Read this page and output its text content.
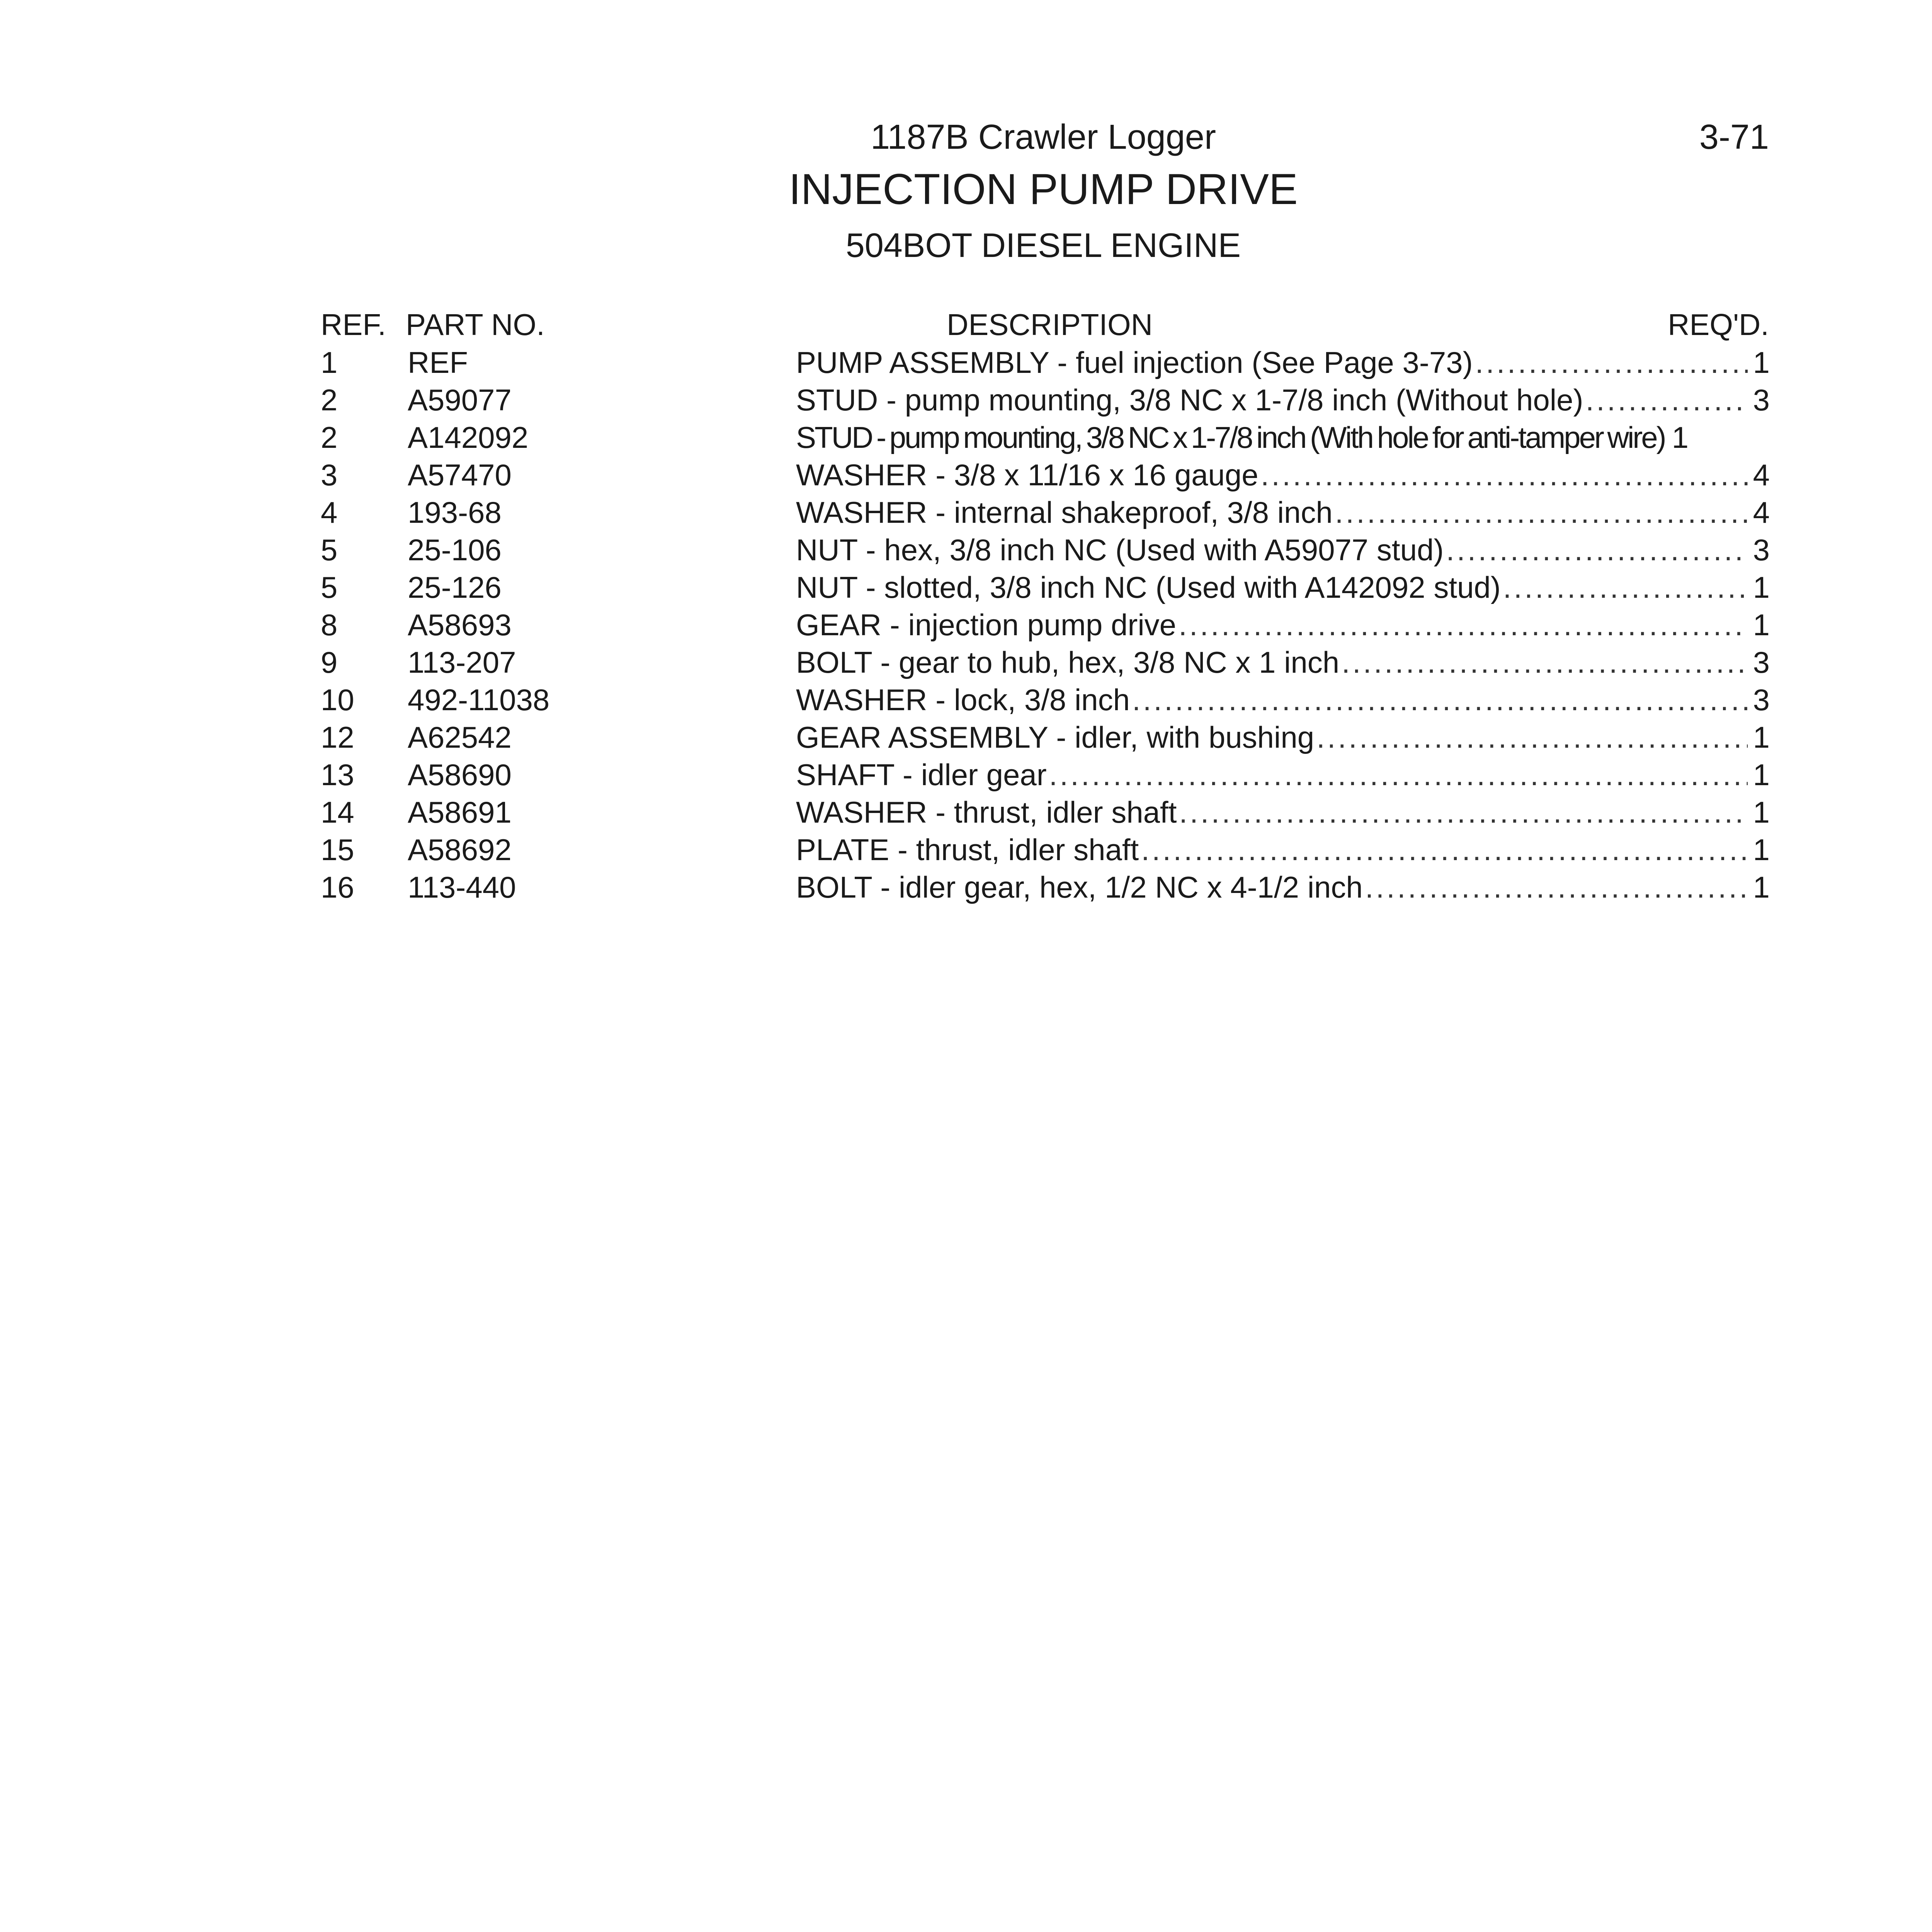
1187B Crawler Logger
INJECTION PUMP DRIVE
504BOT DIESEL ENGINE
3-71
REF. PART NO.	DESCRIPTION	REQ'D.
1 REF	PUMP ASSEMBLY - fuel injection (See Page 3-73) .....	1
2 A59077	STUD - pump mounting, 3/8 NC x 1-7/8 inch (Without hole) .....	3
2 A142092	STUD - pump mounting, 3/8 NC x 1-7/8 inch (With hole for anti-tamper wire) 1
3 A57470	WASHER - 3/8 x 11/16 x 16 gauge .....	4
4 193-68	WASHER - internal shakeproof, 3/8 inch .....	4
5 25-106	NUT - hex, 3/8 inch NC (Used with A59077 stud) .....	3
5 25-126	NUT - slotted, 3/8 inch NC (Used with A142092 stud) .....	1
8 A58693	GEAR - injection pump drive .....	1
9 113-207	BOLT - gear to hub, hex, 3/8 NC x 1 inch .....	3
10 492-11038	WASHER - lock, 3/8 inch .....	3
12 A62542	GEAR ASSEMBLY - idler, with bushing .....	1
13 A58690	SHAFT - idler gear .....	1
14 A58691	WASHER - thrust, idler shaft .....	1
15 A58692	PLATE - thrust, idler shaft .....	1
16 113-440	BOLT - idler gear, hex, 1/2 NC x 4-1/2 inch .....	1
